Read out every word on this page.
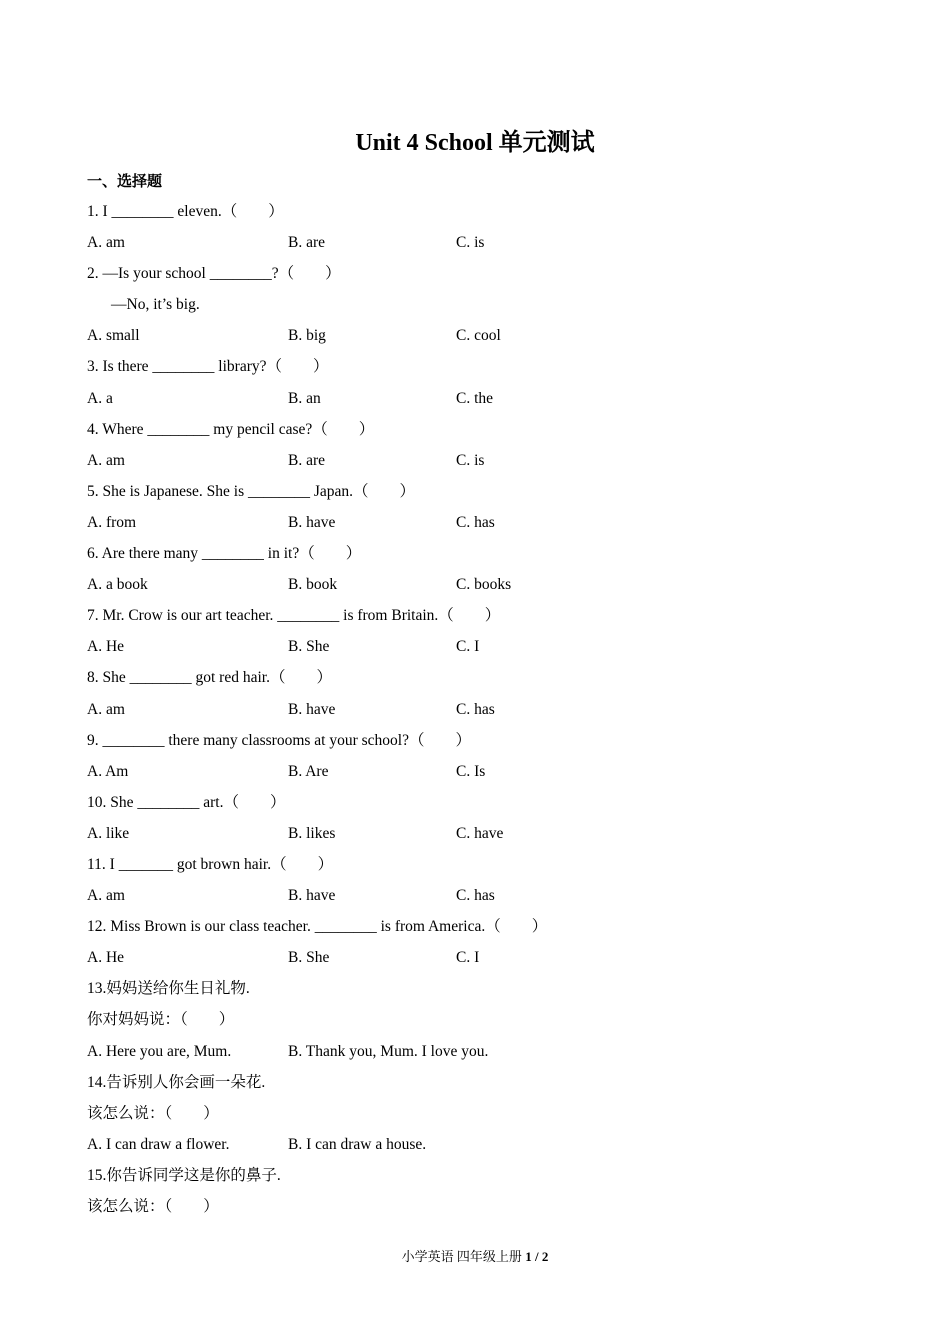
Unit 4 School 单元测试
一、选择题
1. I ________ eleven.（　　）
A. am	B. are	C. is
2. —Is your school ________?（　　）
—No, it’s big.
A. small	B. big	C. cool
3. Is there ________ library?（　　）
A. a	B. an	C. the
4. Where ________ my pencil case?（　　）
A. am	B. are	C. is
5. She is Japanese. She is ________ Japan.（　　）
A. from	B. have	C. has
6. Are there many ________ in it?（　　）
A. a book	B. book	C. books
7. Mr. Crow is our art teacher. ________ is from Britain.（　　）
A. He	B. She	C. I
8. She ________ got red hair.（　　）
A. am	B. have	C. has
9. ________ there many classrooms at your school?（　　）
A. Am	B. Are	C. Is
10. She ________ art.（　　）
A. like	B. likes	C. have
11. I _______ got brown hair.（　　）
A. am	B. have	C. has
12. Miss Brown is our class teacher. ________ is from America.（　　）
A. He	B. She	C. I
13.妈妈送给你生日礼物.
你对妈妈说：（　　）
A. Here you are, Mum.	B. Thank you, Mum. I love you.
14.告诉别人你会画一朵花.
该怎么说：（　　）
A. I can draw a flower.	B. I can draw a house.
15.你告诉同学这是你的鼻子.
该怎么说：（　　）
小学英语 四年级上册 1 / 2
